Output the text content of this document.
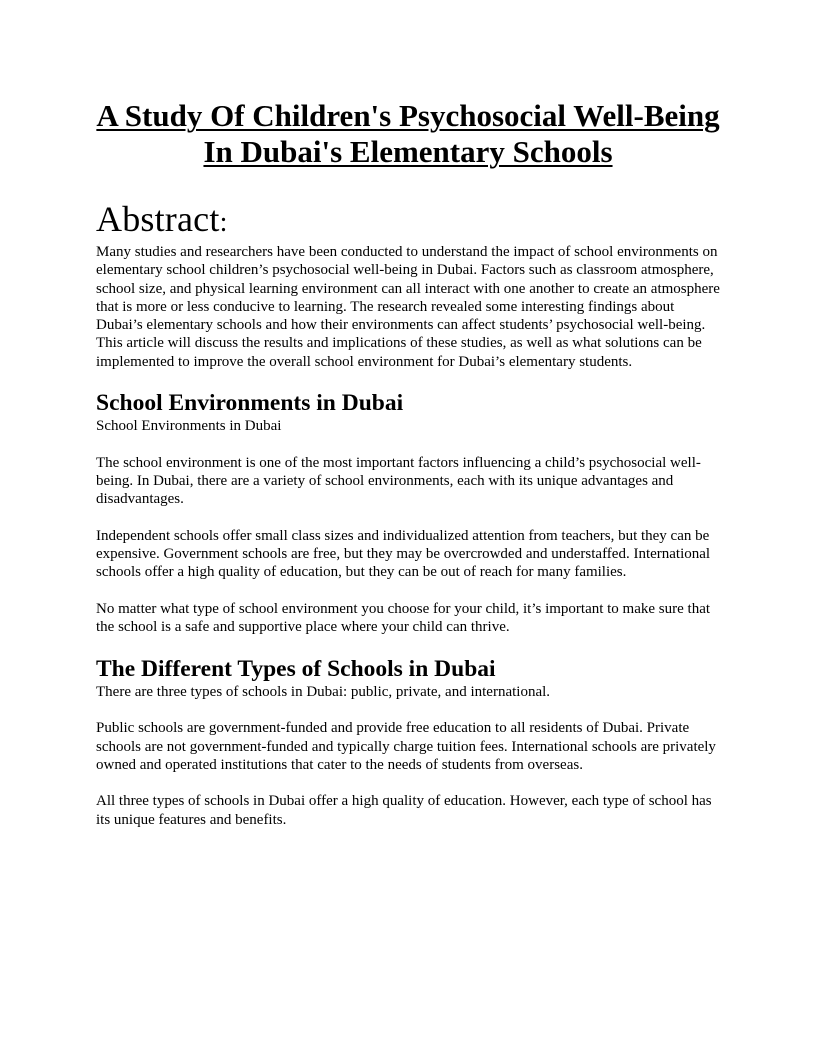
A Study Of Children's Psychosocial Well-Being In Dubai's Elementary Schools
Abstract:

Many studies and researchers have been conducted to understand the impact of school environments on elementary school children’s psychosocial well-being in Dubai. Factors such as classroom atmosphere, school size, and physical learning environment can all interact with one another to create an atmosphere that is more or less conducive to learning. The research revealed some interesting findings about Dubai’s elementary schools and how their environments can affect students’ psychosocial well-being. This article will discuss the results and implications of these studies, as well as what solutions can be implemented to improve the overall school environment for Dubai’s elementary students.

School Environments in Dubai

School Environments in Dubai

The school environment is one of the most important factors influencing a child’s psychosocial well-being. In Dubai, there are a variety of school environments, each with its unique advantages and disadvantages.

Independent schools offer small class sizes and individualized attention from teachers, but they can be expensive. Government schools are free, but they may be overcrowded and understaffed. International schools offer a high quality of education, but they can be out of reach for many families.

No matter what type of school environment you choose for your child, it’s important to make sure that the school is a safe and supportive place where your child can thrive.

The Different Types of Schools in Dubai

There are three types of schools in Dubai: public, private, and international.

Public schools are government-funded and provide free education to all residents of Dubai. Private schools are not government-funded and typically charge tuition fees. International schools are privately owned and operated institutions that cater to the needs of students from overseas.

All three types of schools in Dubai offer a high quality of education. However, each type of school has its unique features and benefits.
